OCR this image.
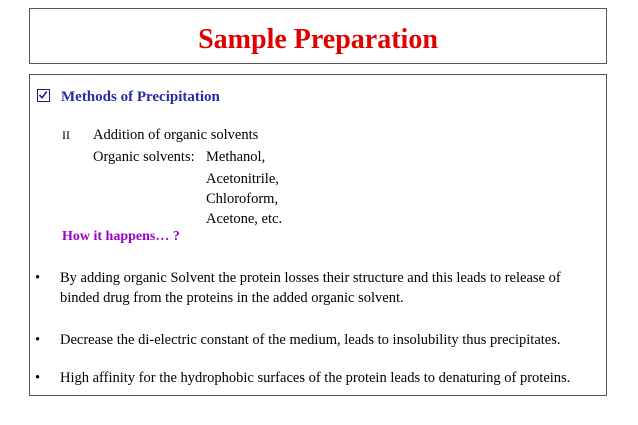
Sample Preparation
Methods of Precipitation
II Addition of organic solvents
Organic solvents: Methanol,
Acetonitrile,
Chloroform,
Acetone, etc.
How it happens… ?
• By adding organic Solvent the protein losses their structure and this leads to release of binded drug from the proteins in the added organic solvent.
• Decrease the di-electric constant of the medium, leads to insolubility thus precipitates.
• High affinity for the hydrophobic surfaces of the protein leads to denaturing of proteins.
